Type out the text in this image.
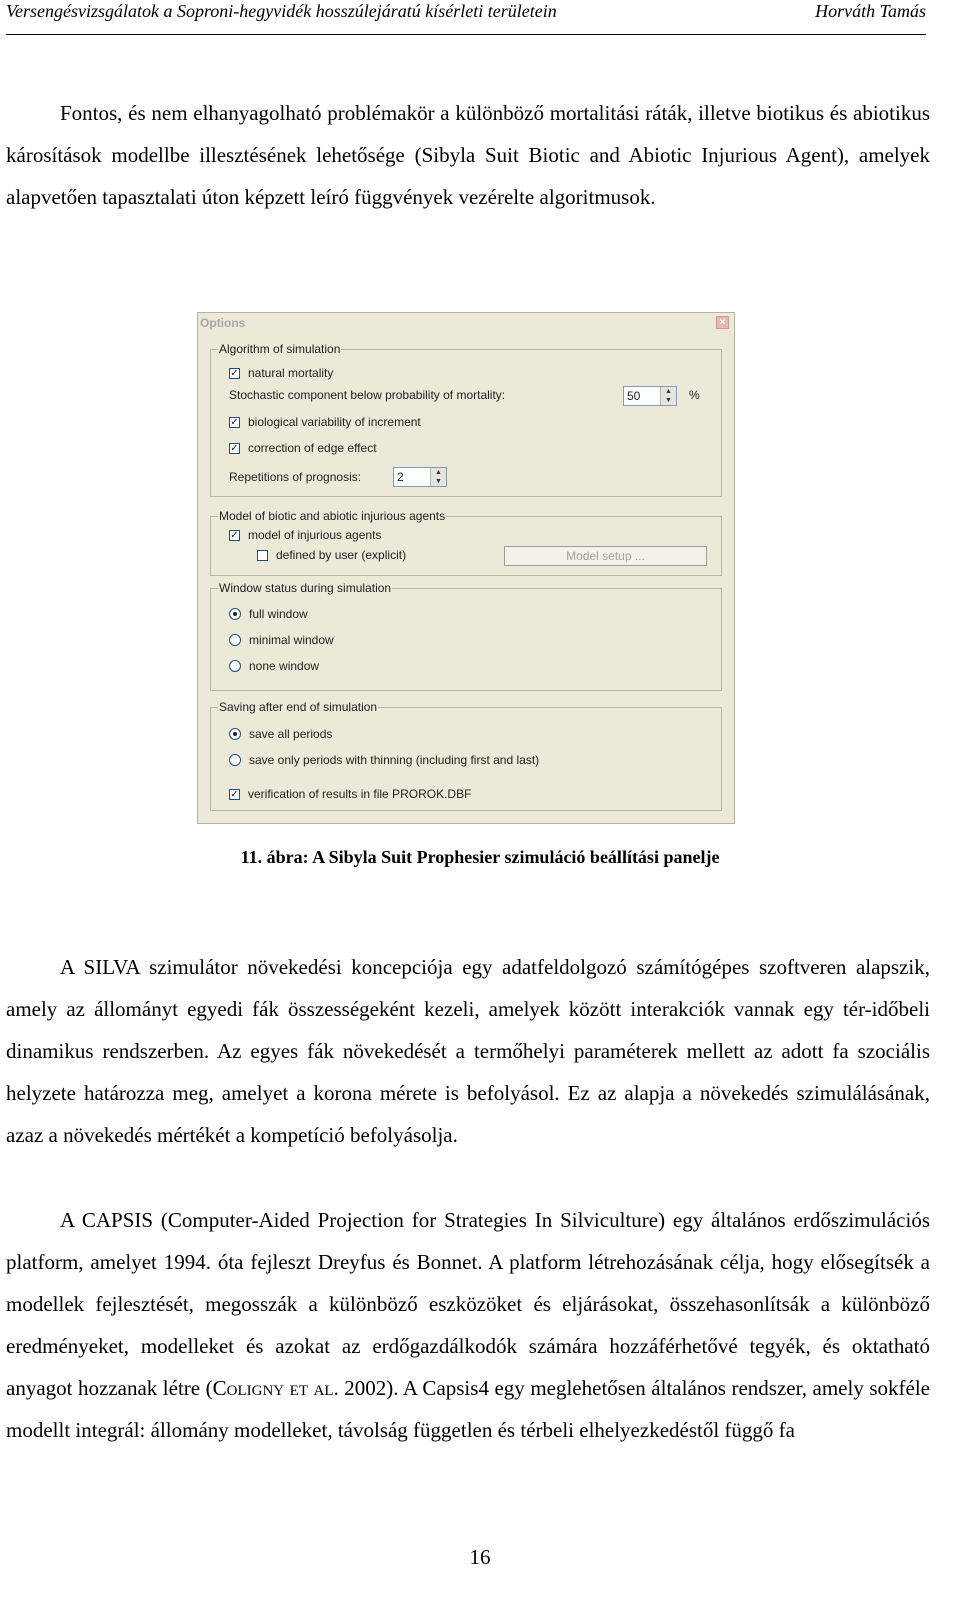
Versengésvizsgálatok a Soproni-hegyvidék hosszúlejáratú kísérleti területein	Horváth Tamás

Fontos, és nem elhanyagolható problémakör a különböző mortalitási ráták, illetve biotikus és abiotikus károsítások modellbe illesztésének lehetősége (Sibyla Suit Biotic and Abiotic Injurious Agent), amelyek alapvetően tapasztalati úton képzett leíró függvények vezérelte algoritmusok.

Options	×
Algorithm of simulation
✓ natural mortality
Stochastic component below probability of mortality:	50	▲
▼	%
✓ biological variability of increment
✓ correction of edge effect
Repetitions of prognosis:	2	▲
▼
Model of biotic and abiotic injurious agents
✓ model of injurious agents
defined by user (explicit)	Model setup ...
Window status during simulation
full window
minimal window
none window
Saving after end of simulation
save all periods
save only periods with thinning (including first and last)
✓ verification of results in file PROROK.DBF
11. ábra: A Sibyla Suit Prophesier szimuláció beállítási panelje

A SILVA szimulátor növekedési koncepciója egy adatfeldolgozó számítógépes szoftveren alapszik, amely az állományt egyedi fák összességeként kezeli, amelyek között interakciók vannak egy tér-időbeli dinamikus rendszerben. Az egyes fák növekedését a termőhelyi paraméterek mellett az adott fa szociális helyzete határozza meg, amelyet a korona mérete is befolyásol. Ez az alapja a növekedés szimulálásának, azaz a növekedés mértékét a kompetíció befolyásolja.

A CAPSIS (Computer-Aided Projection for Strategies In Silviculture) egy általános erdőszimulációs platform, amelyet 1994. óta fejleszt Dreyfus és Bonnet. A platform létrehozásának célja, hogy elősegítsék a modellek fejlesztését, megosszák a különböző eszközöket és eljárásokat, összehasonlítsák a különböző eredményeket, modelleket és azokat az erdőgazdálkodók számára hozzáférhetővé tegyék, és oktatható anyagot hozzanak létre (Coligny et al. 2002). A Capsis4 egy meglehetősen általános rendszer, amely sokféle modellt integrál: állomány modelleket, távolság független és térbeli elhelyezkedéstől függő fa

16
